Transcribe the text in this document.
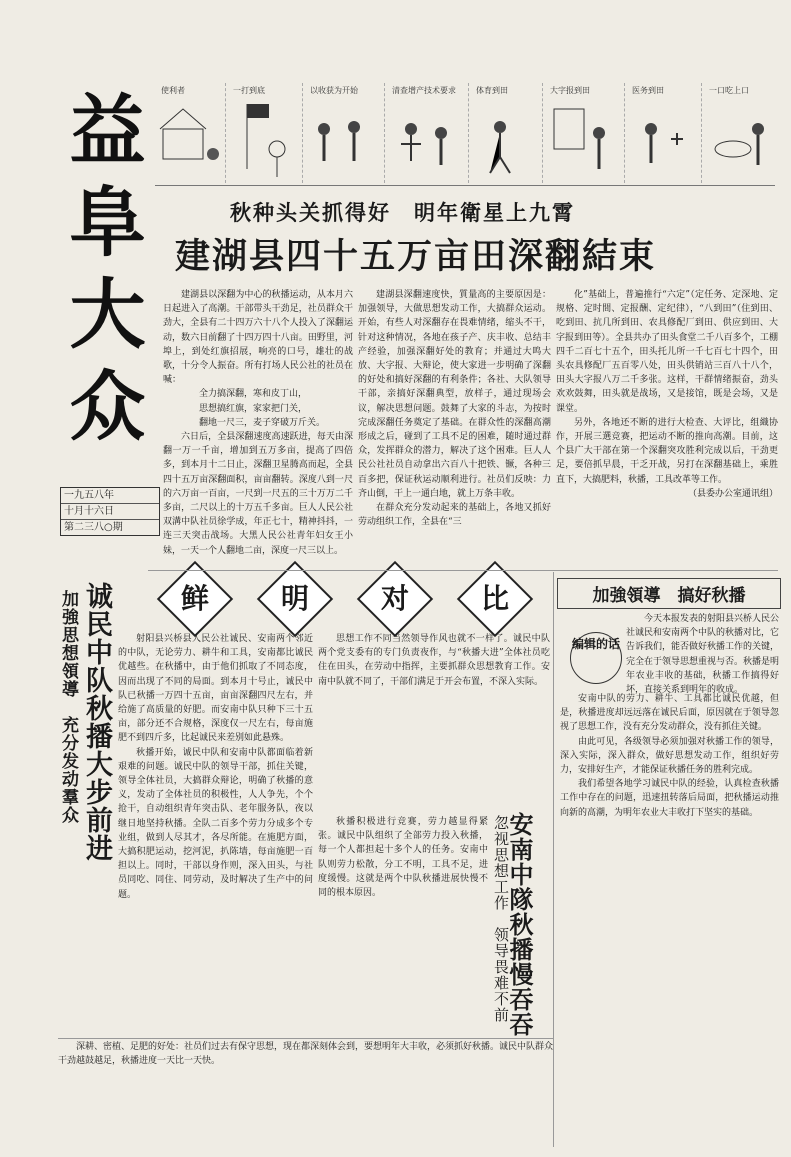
益
阜
大
众
使利者	一打到底	以收获为开始	清查增产技术要求	体育到田	大字报到田	医务到田	一口吃上口
秋种头关抓得好　明年衛星上九霄
建湖县四十五万亩田深翻結束
一九五八年
十月十六日
第二三八○期

建湖县以深翻为中心的秋播运动，从本月六日起进入了高潮。干部带头干劲足，社员群众干劲大，全县有二十四万六十八个人投入了深翻运动，数六日前翻了十四万四十八亩。田野里，河埠上，到处红旗招展，响亮的口号，雄壮的战歌，十分令人振奋。所有打场人民公社的社员在喊：

全力搞深翻，寒和皮丁山，

思想搞红旗，家家把门关，

翻地一尺三，麦子穿破万斤关。

六日后，全县深翻速度高速跃进，每天由深翻一万一千亩，增加到五万多亩，提高了四倍多，到本月十二日止，深翻卫星腾高而起，全县四十五万亩深翻面积，亩亩翻转。深度八到一尺的六万亩一百亩，一尺到一尺五的三十万万二千多亩，二尺以上的十万五千多亩。巨人人民公社双溝中队社员徐学成，年正七十，精神抖抖，一连三天突击战场。大黑人民公社青年妇女王小妹，一天一个人翻地二亩，深度一尺三以上。

建湖县深翻速度快，質量高的主要原因是：加强领导，大做思想发动工作，大搞群众运动。开始，有些人对深翻存在畏难情绪，缩头不干，针对这种情况，各地在孩子产、庆丰收、总结丰产经验，加强深翻好处的教育；并通过大鸣大放、大字报、大辩论，使大家进一步明确了深翻的好处和搞好深翻的有利条件；各社、大队领导干部，亲搞好深翻典型，放样子，通过现场会议，解决思想问题。鼓舞了大家的斗志，为按时完成深翻任务奠定了基础。在群众性的深翻高潮形成之后，碰到了工具不足的困难，随时通过群众，发挥群众的潜力，解决了这个困难。巨人人民公社社员自动拿出六百八十把铁、镢，各种三百多把，保证秋运动顺利进行。社员们反映：力齐山倒，干上一通白地，就上万条丰收。

在群众充分发动起来的基础上，各地又抓好劳动组织工作，全县在“三

化”基础上，普遍推行“六定”（定任务、定深地、定规格、定时間、定报酬、定纪律），“八到田”（住到田、吃到田、抗几所到田、农具修配厂到田、供应到田、大字报到田等）。全县共办了田头食堂二千八百多个，工棚四千二百七十五个，田头托儿所一千七百七十四个，田头农具修配厂五百零八处，田头供销站三百八十八个，田头大字报八万二千多张。这样，干群情绪振奋，劲头欢欢鼓舞，田头就是战场，又是接馆，既是会场，又是课堂。

另外，各地还不断的进行大检查、大评比，组織协作，开展三選竞赛，把运动不断的推向高潮。目前，这个县广大干部在第一个深翻突攻胜利完成以后，干劲更足，要倍抓早晨，干乏开战，另打在深翻基础上，乘胜直下，大搞肥料，秋播，工具改革等工作。

（县委办公室通讯组）

鲜	明	对	比
加強思想領導　充分发动羣众 诚民中队秋播大步前进	射阳县兴桥县人民公社诚民、安南两个邻近的中队，无论劳力、耕牛和工具，安南都比诚民优越些。在秋播中，由于他们抓取了不同态度，因而出现了不同的局面。到本月十号止，诚民中队已秋播一万四十五亩，亩亩深翻四尺左右，并给施了高质量的好肥。而安南中队只种下三十五亩，部分还不合规格，深度仅一尺左右，每亩施肥不到四斤多，比起诚民来差别如此悬殊。

秋播开始，诚民中队和安南中队都面临着新艰难的问题。诚民中队的领导干部，抓住关键，领导全体社员，大搞群众辩论，明确了秋播的意义，发动了全体社员的积极性，人人争先，个个抢干，自动组织青年突击队、老年服务队，夜以继日地坚持秋播。全队二百多个劳力分成多个专业组，做到人尽其才，各尽所能。在施肥方面，大搞积肥运动，挖河泥，扒陈墙，每亩施肥一百担以上。同时，干部以身作则，深入田头，与社员同吃、同住、同劳动，及时解决了生产中的问题。

深耕、密植、足肥的好处：社员们过去有保守思想，现在都深刻体会到，要想明年大丰收，必须抓好秋播。诚民中队群众干劲越鼓越足，秋播进度一天比一天快。

思想工作不同当然领导作风也就不一样了。诚民中队两个党支委有的专门负责夜作，与“秋播大进”全体社员吃住在田头，在劳动中指挥，主要抓群众思想教育工作。安南中队就不同了，干部们满足于开会布置，不深入实际。

秋播积极进行竞赛，劳力越显得紧张。诚民中队组织了全部劳力投入秋播，每一个人都担起十多个人的任务。安南中队则劳力松散，分工不明，工具不足，进度缓慢。这就是两个中队秋播进展快慢不同的根本原因。	安南中隊秋播慢吞吞
忽视思想工作　领导畏难不前
加強領導　搞好秋播
编辑的话

今天本报发表的射阳县兴桥人民公社诚民和安南两个中队的秋播对比，它告诉我们，能否做好秋播工作的关键，完全在于领导思想重视与否。秋播是明年农业丰收的基础，秋播工作搞得好坏，直接关系到明年的收成。

安南中队的劳力、耕牛、工具都比诚民优越，但是，秋播进度却远远落在诚民后面，原因就在于领导忽视了思想工作，没有充分发动群众，没有抓住关键。

由此可见，各级领导必须加强对秋播工作的领导，深入实际，深入群众，做好思想发动工作，组织好劳力，安排好生产，才能保证秋播任务的胜利完成。

我们希望各地学习诚民中队的经验，认真检查秋播工作中存在的问题，迅速扭转落后局面，把秋播运动推向新的高潮，为明年农业大丰收打下坚实的基础。
